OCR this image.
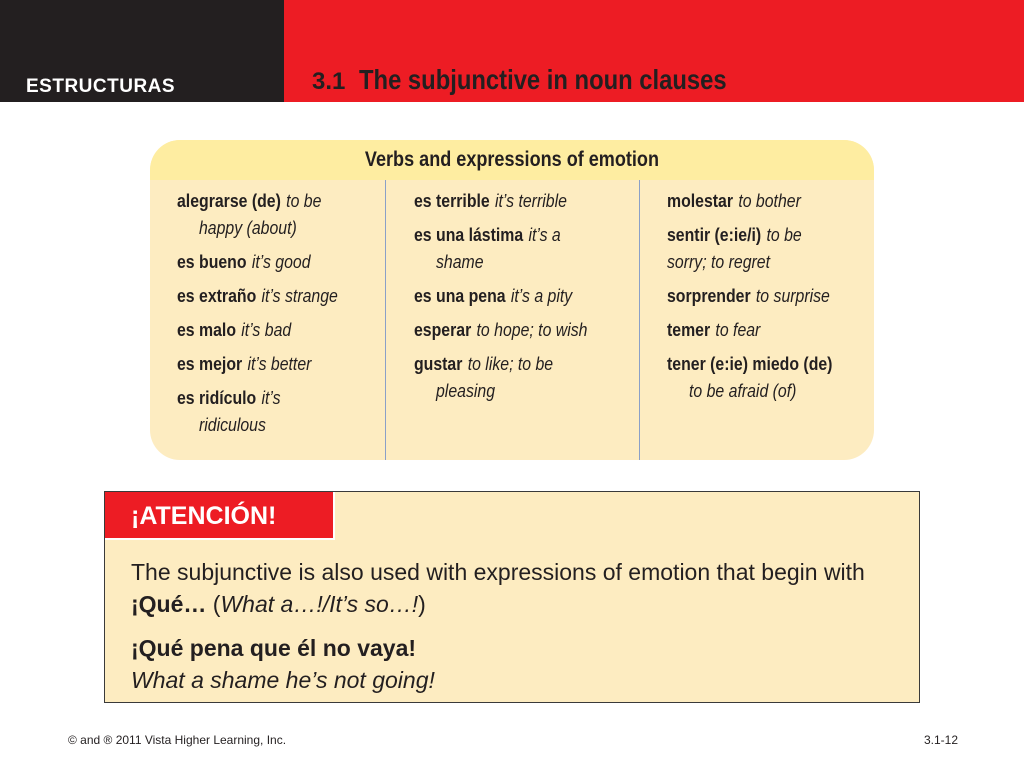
ESTRUCTURAS	3.1 The subjunctive in noun clauses
Verbs and expressions of emotion
alegrarse (de) to be
happy (about)
es bueno it’s good
es extraño it’s strange
es malo it’s bad
es mejor it’s better
es ridículo it’s
ridiculous
es terrible it’s terrible
es una lástima it’s a
shame
es una pena it’s a pity
esperar to hope; to wish
gustar to like; to be
pleasing
molestar to bother
sentir (e:ie/i) to be
sorry; to regret
sorprender to surprise
temer to fear
tener (e:ie) miedo (de)
to be afraid (of)
¡ATENCIÓN!
The subjunctive is also used with expressions of emotion that begin with ¡Qué… (What a…!/It’s so…!)
¡Qué pena que él no vaya!
What a shame he’s not going!
© and ® 2011 Vista Higher Learning, Inc.	3.1-12
